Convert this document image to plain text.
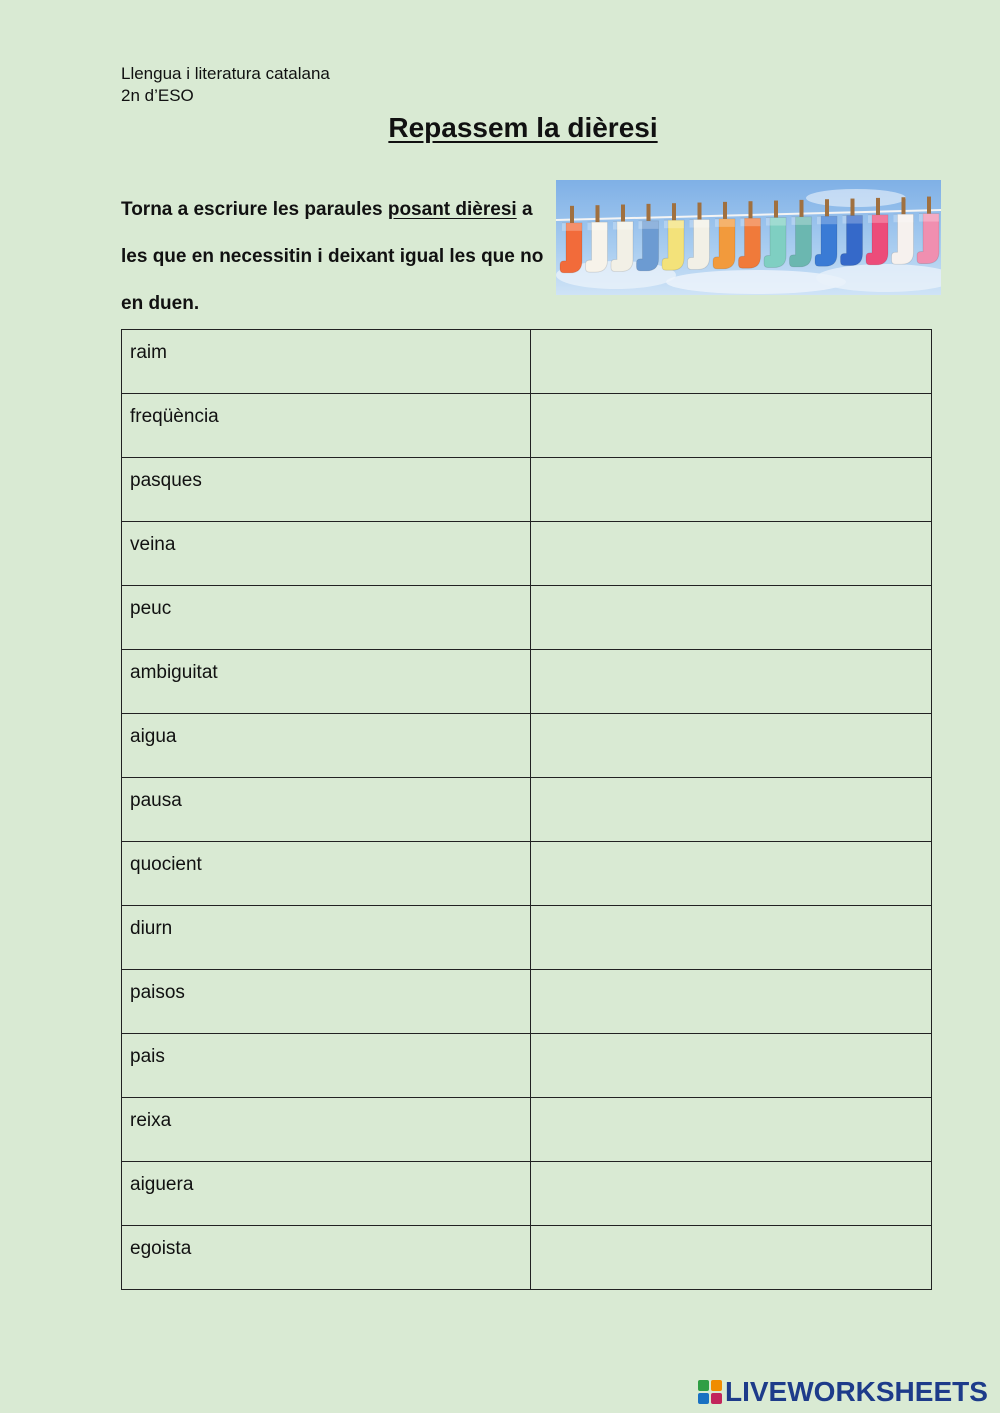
Llengua i literatura catalana
2n d’ESO
Repassem la dièresi
Torna a escriure les paraules posant dièresi a les que en necessitin i deixant igual les que no en duen.
raim	
freqüència	
pasques	
veina	
peuc	
ambiguitat	
aigua	
pausa	
quocient	
diurn	
paisos	
pais	
reixa	
aiguera	
egoista	
LIVEWORKSHEETS
